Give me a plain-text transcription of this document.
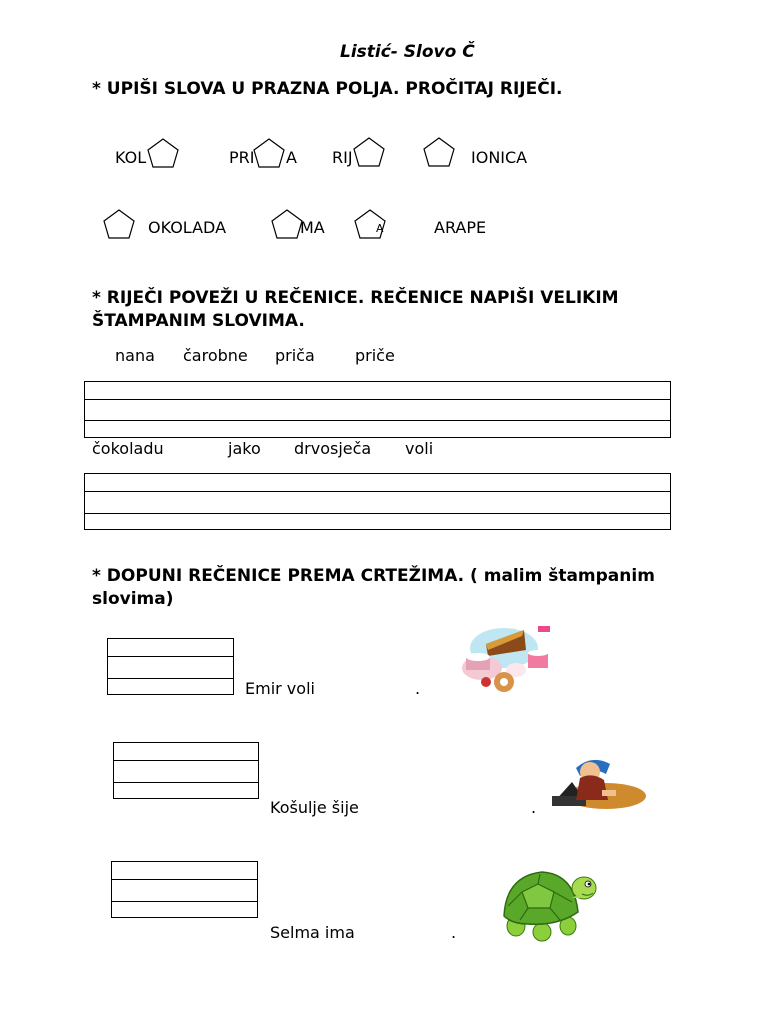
Listić- Slovo Č
* UPIŠI SLOVA U PRAZNA POLJA. PROČITAJ RIJEČI.
KOL	PRI A RIJ	IONICA
OKOLADA	MA	A	ARAPE
* RIJEČI POVEŽI U REČENICE. REČENICE NAPIŠI VELIKIM
ŠTAMPANIM SLOVIMA.
nana čarobne priča	priče
čokoladu	jako drvosječa voli
* DOPUNI REČENICE PREMA CRTEŽIMA. ( malim štampanim
slovima)
Emir voli	.
Košulje šije	.
Selma ima	.
